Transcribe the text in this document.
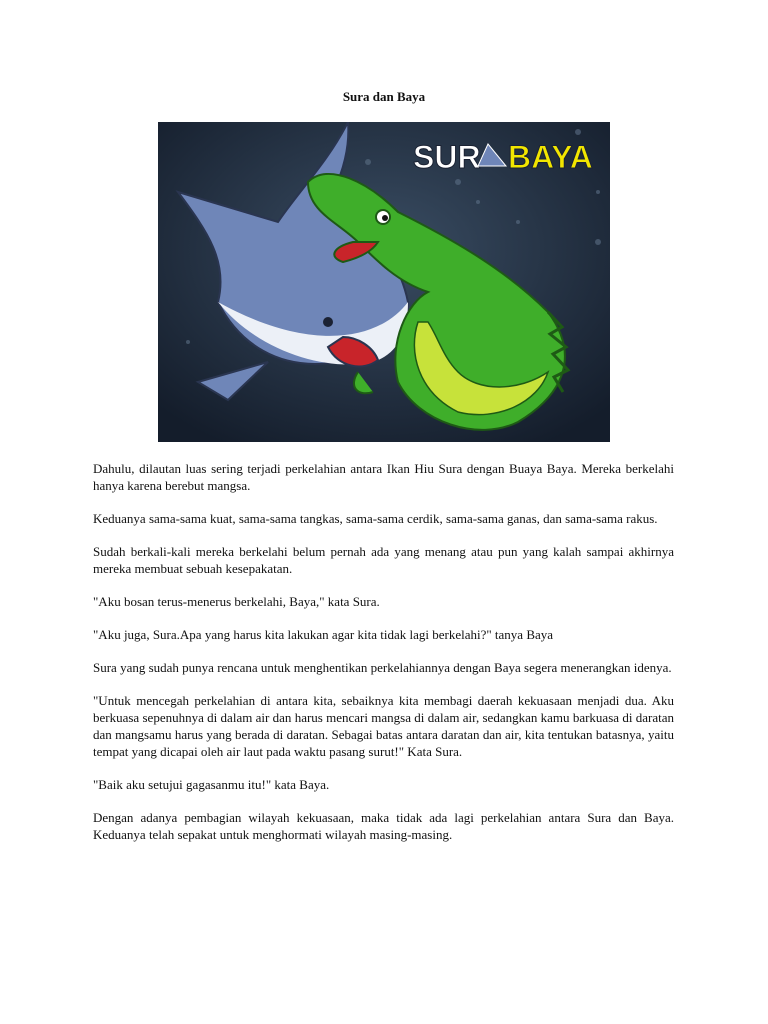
Sura dan Baya
SUR BAYA

Dahulu, dilautan luas sering terjadi perkelahian antara Ikan Hiu Sura dengan Buaya Baya. Mereka berkelahi hanya karena berebut mangsa.

Keduanya sama-sama kuat, sama-sama tangkas, sama-sama cerdik, sama-sama ganas, dan sama-sama rakus.

Sudah berkali-kali mereka berkelahi belum pernah ada yang menang atau pun yang kalah sampai akhirnya mereka membuat sebuah kesepakatan.

"Aku bosan terus-menerus berkelahi, Baya," kata Sura.

"Aku juga, Sura.Apa yang harus kita lakukan agar kita tidak lagi berkelahi?" tanya Baya

Sura yang sudah punya rencana untuk menghentikan perkelahiannya dengan Baya segera menerangkan idenya.

"Untuk mencegah perkelahian di antara kita, sebaiknya kita membagi daerah kekuasaan menjadi dua. Aku berkuasa sepenuhnya di dalam air dan harus mencari mangsa di dalam air, sedangkan kamu barkuasa di daratan dan mangsamu harus yang berada di daratan. Sebagai batas antara daratan dan air, kita tentukan batasnya, yaitu tempat yang dicapai oleh air laut pada waktu pasang surut!" Kata Sura.

"Baik aku setujui gagasanmu itu!" kata Baya.

Dengan adanya pembagian wilayah kekuasaan, maka tidak ada lagi perkelahian antara Sura dan Baya. Keduanya telah sepakat untuk menghormati wilayah masing-masing.
